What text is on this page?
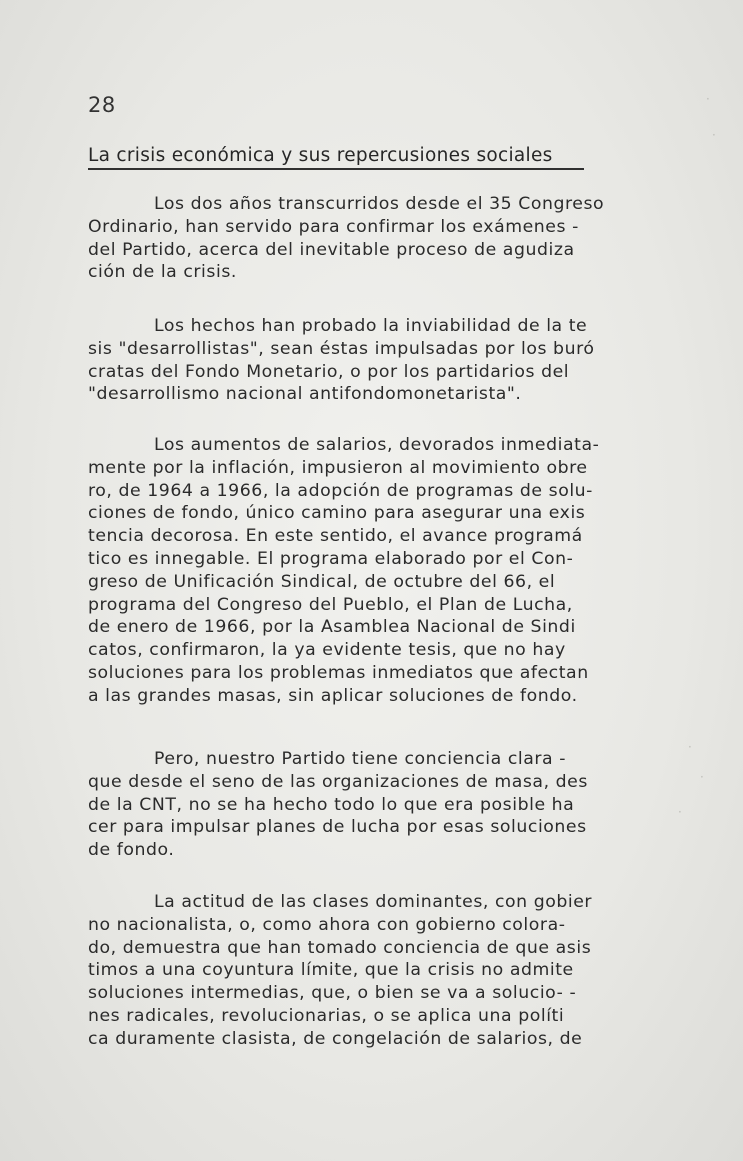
28
La crisis económica y sus repercusiones sociales
Los dos años transcurridos desde el 35 Congreso
Ordinario, han servido para confirmar los exámenes -
del Partido, acerca del inevitable proceso de agudiza
ción de la crisis.
Los hechos han probado la inviabilidad de la te
sis "desarrollistas", sean éstas impulsadas por los buró
cratas del Fondo Monetario, o por los partidarios del
"desarrollismo nacional antifondomonetarista".
Los aumentos de salarios, devorados inmediata-
mente por la inflación, impusieron al movimiento obre
ro, de 1964 a 1966, la adopción de programas de solu-
ciones de fondo, único camino para asegurar una exis
tencia decorosa. En este sentido, el avance programá
tico es innegable. El programa elaborado por el Con-
greso de Unificación Sindical, de octubre del 66, el
programa del Congreso del Pueblo, el Plan de Lucha,
de enero de 1966, por la Asamblea Nacional de Sindi
catos, confirmaron, la ya evidente tesis, que no hay
soluciones para los problemas inmediatos que afectan
a las grandes masas, sin aplicar soluciones de fondo.
Pero, nuestro Partido tiene conciencia clara -
que desde el seno de las organizaciones de masa, des
de la CNT, no se ha hecho todo lo que era posible ha
cer para impulsar planes de lucha por esas soluciones
de fondo.
La actitud de las clases dominantes, con gobier
no nacionalista, o, como ahora con gobierno colora-
do, demuestra que han tomado conciencia de que asis
timos a una coyuntura límite, que la crisis no admite
soluciones intermedias, que, o bien se va a solucio- -
nes radicales, revolucionarias, o se aplica una políti
ca duramente clasista, de congelación de salarios, de
·
·
·
·
·
